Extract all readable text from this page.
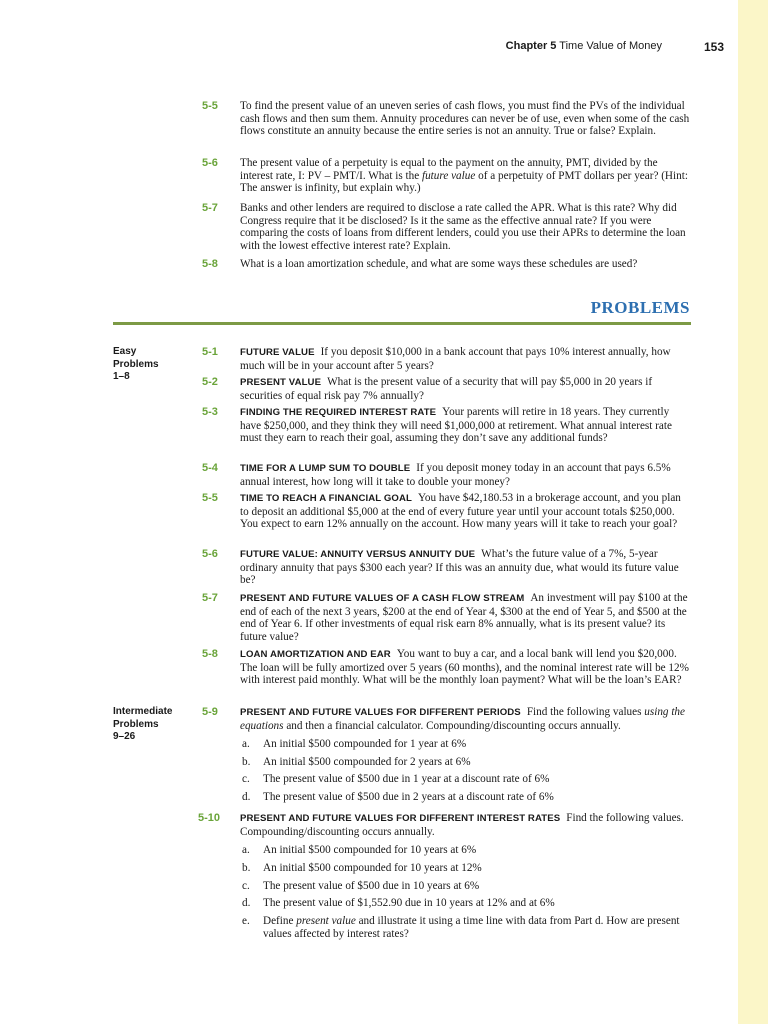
Chapter 5 Time Value of Money	153
5-5	To find the present value of an uneven series of cash flows, you must find the PVs of the individual cash flows and then sum them. Annuity procedures can never be of use, even when some of the cash flows constitute an annuity because the entire series is not an annuity. True or false? Explain.
5-6	The present value of a perpetuity is equal to the payment on the annuity, PMT, divided by the interest rate, I: PV – PMT/I. What is the future value of a perpetuity of PMT dollars per year? (Hint: The answer is infinity, but explain why.)
5-7	Banks and other lenders are required to disclose a rate called the APR. What is this rate? Why did Congress require that it be disclosed? Is it the same as the effective annual rate? If you were comparing the costs of loans from different lenders, could you use their APRs to determine the loan with the lowest effective interest rate? Explain.
5-8	What is a loan amortization schedule, and what are some ways these schedules are used?
PROBLEMS
Easy
Problems
1–8
Intermediate
Problems
9–26
5-1	FUTURE VALUE If you deposit $10,000 in a bank account that pays 10% interest annually, how much will be in your account after 5 years?
5-2	PRESENT VALUE What is the present value of a security that will pay $5,000 in 20 years if securities of equal risk pay 7% annually?
5-3	FINDING THE REQUIRED INTEREST RATE Your parents will retire in 18 years. They currently have $250,000, and they think they will need $1,000,000 at retirement. What annual interest rate must they earn to reach their goal, assuming they don’t save any additional funds?
5-4	TIME FOR A LUMP SUM TO DOUBLE If you deposit money today in an account that pays 6.5% annual interest, how long will it take to double your money?
5-5	TIME TO REACH A FINANCIAL GOAL You have $42,180.53 in a brokerage account, and you plan to deposit an additional $5,000 at the end of every future year until your account totals $250,000. You expect to earn 12% annually on the account. How many years will it take to reach your goal?
5-6	FUTURE VALUE: ANNUITY VERSUS ANNUITY DUE What’s the future value of a 7%, 5-year ordinary annuity that pays $300 each year? If this was an annuity due, what would its future value be?
5-7	PRESENT AND FUTURE VALUES OF A CASH FLOW STREAM An investment will pay $100 at the end of each of the next 3 years, $200 at the end of Year 4, $300 at the end of Year 5, and $500 at the end of Year 6. If other investments of equal risk earn 8% annually, what is its present value? its future value?
5-8	LOAN AMORTIZATION AND EAR You want to buy a car, and a local bank will lend you $20,000. The loan will be fully amortized over 5 years (60 months), and the nominal interest rate will be 12% with interest paid monthly. What will be the monthly loan payment? What will be the loan’s EAR?
5-9	PRESENT AND FUTURE VALUES FOR DIFFERENT PERIODS Find the following values using the equations and then a financial calculator. Compounding/discounting occurs annually.
a. An initial $500 compounded for 1 year at 6%
b. An initial $500 compounded for 2 years at 6%
c. The present value of $500 due in 1 year at a discount rate of 6%
d. The present value of $500 due in 2 years at a discount rate of 6%
5-10	PRESENT AND FUTURE VALUES FOR DIFFERENT INTEREST RATES Find the following values. Compounding/discounting occurs annually.
a. An initial $500 compounded for 10 years at 6%
b. An initial $500 compounded for 10 years at 12%
c. The present value of $500 due in 10 years at 6%
d. The present value of $1,552.90 due in 10 years at 12% and at 6%
e. Define present value and illustrate it using a time line with data from Part d. How are present values affected by interest rates?
